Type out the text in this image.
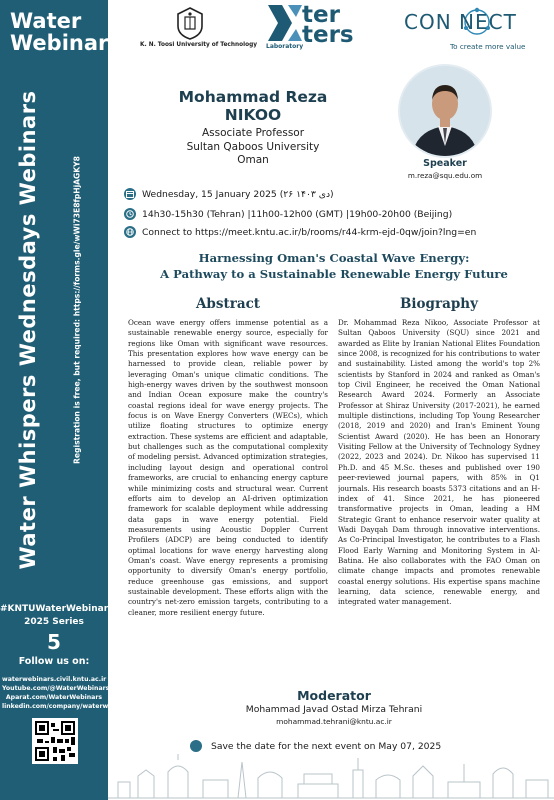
Water
Webinars
Water Whispers Wednesdays Webinars	Registration is free, but required: https://forms.gle/wWi73E8fpHjAGKY8
#KNTUWaterWebinars
2025 Series
5
Follow us on:
waterwebinars.civil.kntu.ac.ir
Youtube.com/@WaterWebinars
Aparat.com/WaterWebinars
linkedin.com/company/waterwebinars
K. N. Toosi University of Technology
ter
ters
Laboratory
CON NECT
To create more value
Mohammad Reza
NIKOO
Associate Professor
Sultan Qaboos University
Oman	Speaker
m.reza@squ.edu.om
Wednesday, 15 January 2025 (۲۶ دی ۱۴۰۳)
14h30-15h30 (Tehran) |11h00-12h00 (GMT) |19h00-20h00 (Beijing)
Connect to https://meet.kntu.ac.ir/b/rooms/r44-krm-ejd-0qw/join?lng=en
Harnessing Oman's Coastal Wave Energy:
A Pathway to a Sustainable Renewable Energy Future
Abstract
Ocean wave energy offers immense potential as a sustainable renewable energy source, especially for regions like Oman with significant wave resources. This presentation explores how wave energy can be harnessed to provide clean, reliable power by leveraging Oman's unique climatic conditions. The high-energy waves driven by the southwest monsoon and Indian Ocean exposure make the country's coastal regions ideal for wave energy projects. The focus is on Wave Energy Converters (WECs), which utilize floating structures to optimize energy extraction. These systems are efficient and adaptable, but challenges such as the computational complexity of modeling persist. Advanced optimization strategies, including layout design and operational control frameworks, are crucial to enhancing energy capture while minimizing costs and structural wear. Current efforts aim to develop an AI-driven optimization framework for scalable deployment while addressing data gaps in wave energy potential. Field measurements using Acoustic Doppler Current Profilers (ADCP) are being conducted to identify optimal locations for wave energy harvesting along Oman's coast. Wave energy represents a promising opportunity to diversify Oman's energy portfolio, reduce greenhouse gas emissions, and support sustainable development. These efforts align with the country's net-zero emission targets, contributing to a cleaner, more resilient energy future.
Biography
Dr. Mohammad Reza Nikoo, Associate Professor at Sultan Qaboos University (SQU) since 2021 and awarded as Elite by Iranian National Elites Foundation since 2008, is recognized for his contributions to water and sustainability. Listed among the world's top 2% scientists by Stanford in 2024 and ranked as Oman's top Civil Engineer, he received the Oman National Research Award 2024. Formerly an Associate Professor at Shiraz University (2017-2021), he earned multiple distinctions, including Top Young Researcher (2018, 2019 and 2020) and Iran's Eminent Young Scientist Award (2020). He has been an Honorary Visiting Fellow at the University of Technology Sydney (2022, 2023 and 2024). Dr. Nikoo has supervised 11 Ph.D. and 45 M.Sc. theses and published over 190 peer-reviewed journal papers, with 85% in Q1 journals. His research boasts 5373 citations and an H-index of 41. Since 2021, he has pioneered transformative projects in Oman, leading a HM Strategic Grant to enhance reservoir water quality at Wadi Dayqah Dam through innovative interventions. As Co-Principal Investigator, he contributes to a Flash Flood Early Warning and Monitoring System in Al-Batina. He also collaborates with the FAO Oman on climate change impacts and promotes renewable coastal energy solutions. His expertise spans machine learning, data science, renewable energy, and integrated water management.
Moderator
Mohammad Javad Ostad Mirza Tehrani
mohammad.tehrani@kntu.ac.ir
Save the date for the next event on May 07, 2025
